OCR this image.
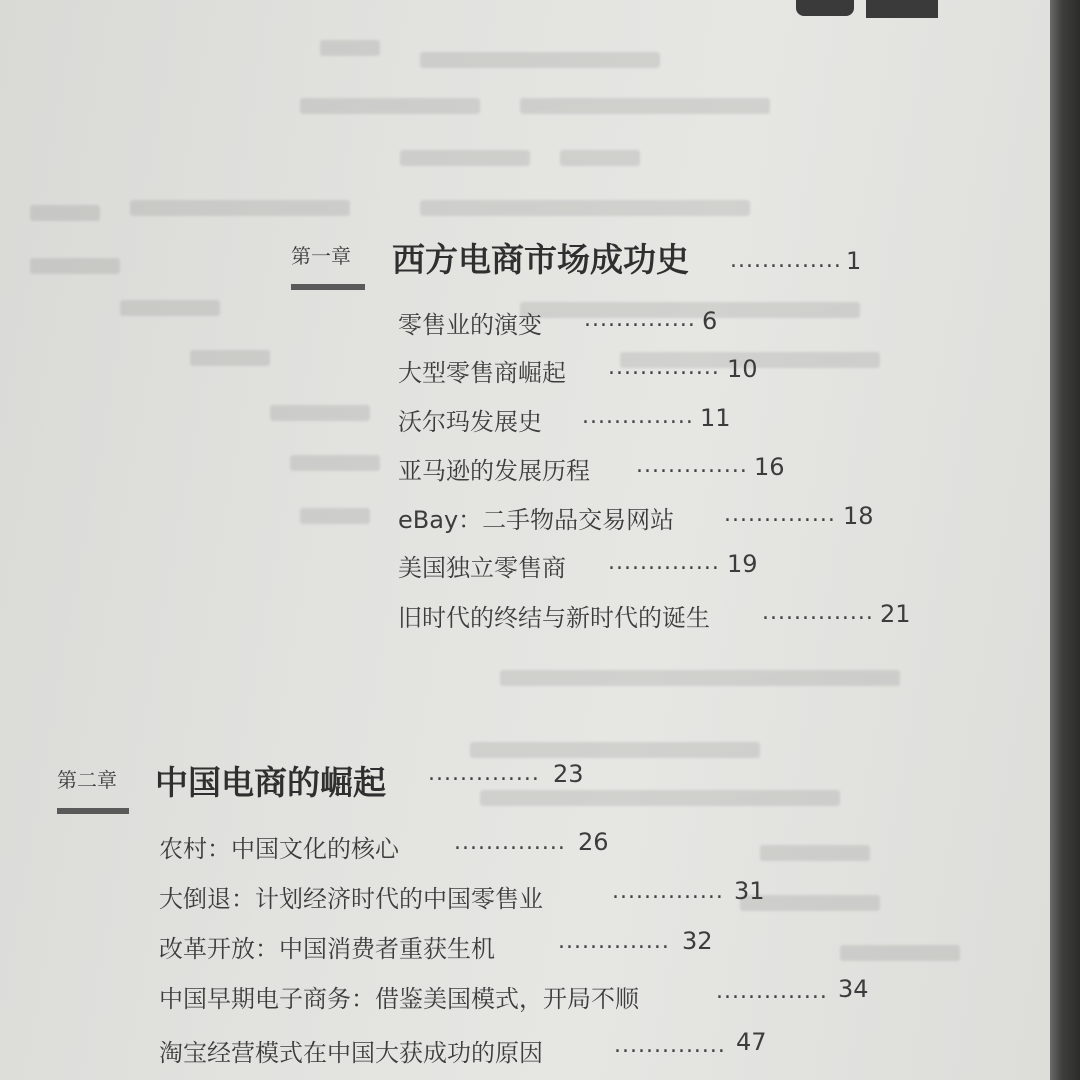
第一章 西方电商市场成功史 .............. 1
零售业的演变 .............. 6
大型零售商崛起 .............. 10
沃尔玛发展史 .............. 11
亚马逊的发展历程 .............. 16
eBay：二手物品交易网站 .............. 18
美国独立零售商 .............. 19
旧时代的终结与新时代的诞生 .............. 21
第二章 中国电商的崛起 .............. 23
农村：中国文化的核心	.............. 26
大倒退：计划经济时代的中国零售业	.............. 31
改革开放：中国消费者重获生机	.............. 32
中国早期电子商务：借鉴美国模式，开局不顺	.............. 34
淘宝经营模式在中国大获成功的原因	.............. 47
